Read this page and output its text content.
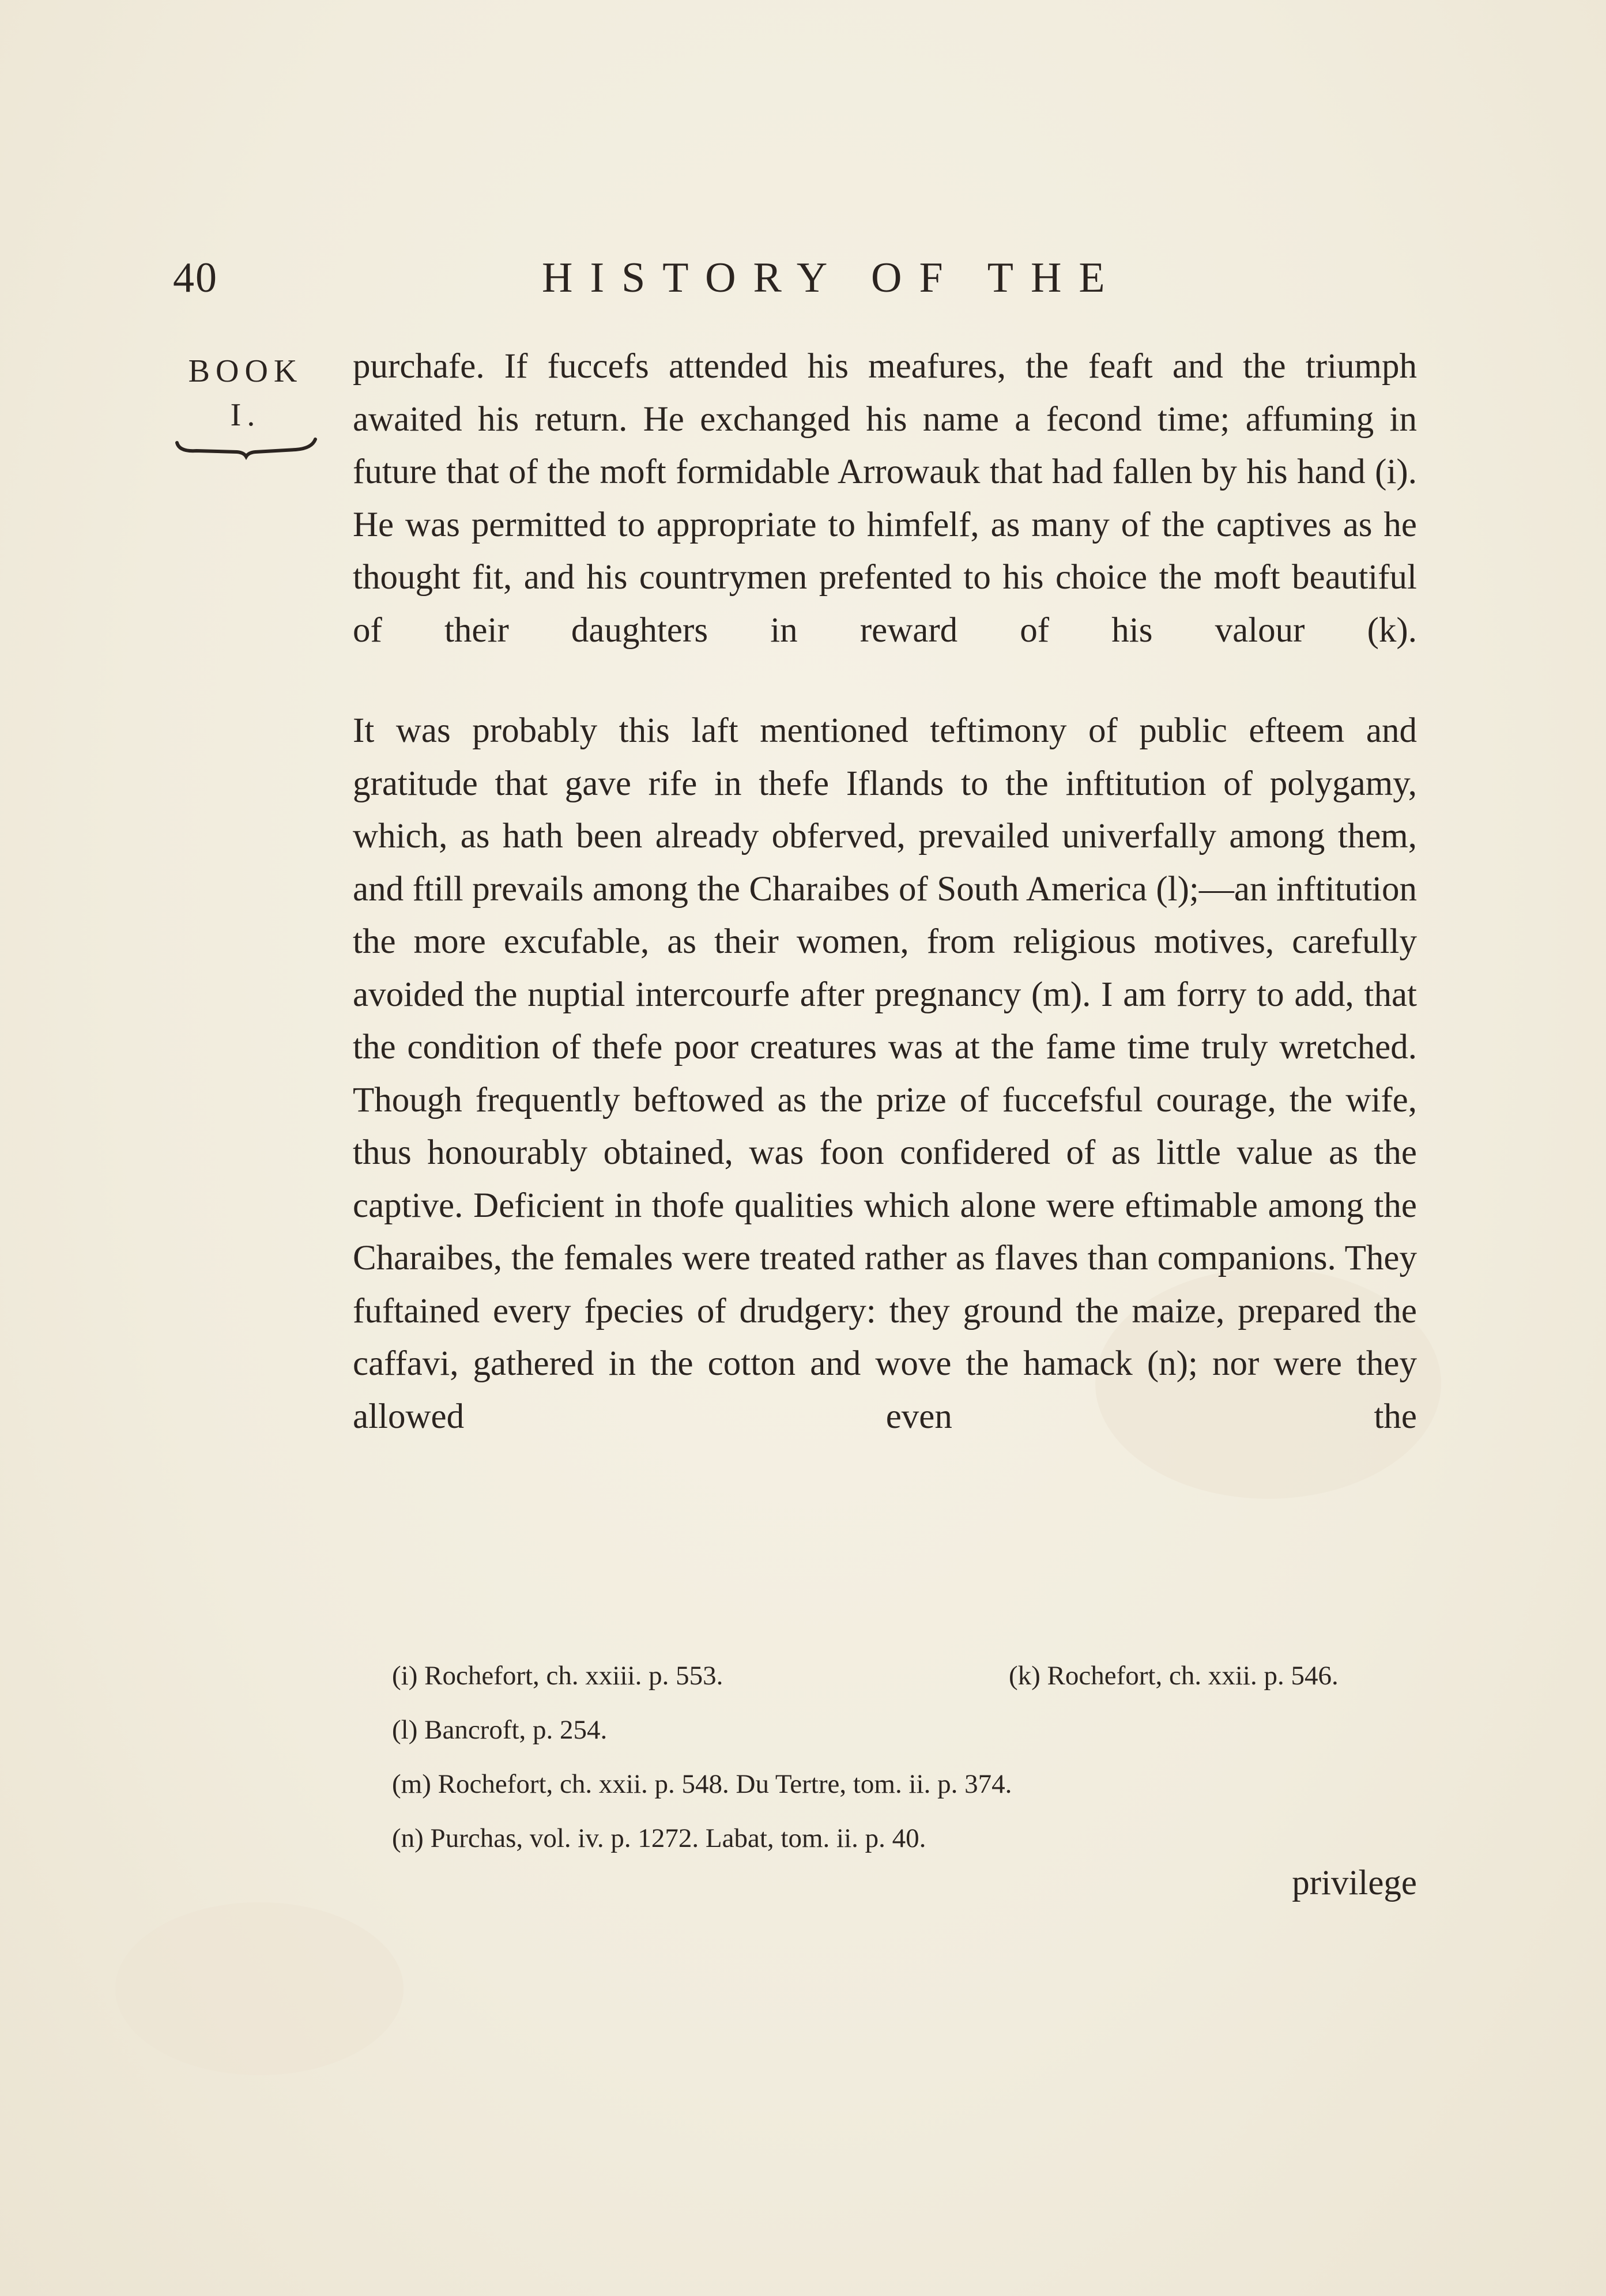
40	HISTORY OF THE
BOOK
I.

purchafe. If fuccefs attended his meafures, the feaft and the triumph awaited his return. He exchanged his name a fecond time; affuming in future that of the moft formidable Arrowauk that had fallen by his hand (i). He was permitted to appropriate to himfelf, as many of the captives as he thought fit, and his countrymen prefented to his choice the moft beautiful of their daughters in reward of his valour (k).

It was probably this laft mentioned teftimony of public efteem and gratitude that gave rife in thefe Iflands to the inftitution of polygamy, which, as hath been already obferved, prevailed univerfally among them, and ftill prevails among the Charaibes of South America (l);—an inftitution the more excufable, as their women, from religious motives, carefully avoided the nuptial intercourfe after pregnancy (m). I am forry to add, that the condition of thefe poor creatures was at the fame time truly wretched. Though frequently beftowed as the prize of fuccefsful courage, the wife, thus honourably obtained, was foon confidered of as little value as the captive. Deficient in thofe qualities which alone were eftimable among the Charaibes, the females were treated rather as flaves than companions. They fuftained every fpecies of drudgery: they ground the maize, prepared the caffavi, gathered in the cotton and wove the hamack (n); nor were they allowed even the

(i) Rochefort, ch. xxiii. p. 553.	(k) Rochefort, ch. xxii. p. 546.
(l) Bancroft, p. 254.
(m) Rochefort, ch. xxii. p. 548. Du Tertre, tom. ii. p. 374.
(n) Purchas, vol. iv. p. 1272. Labat, tom. ii. p. 40.
privilege
